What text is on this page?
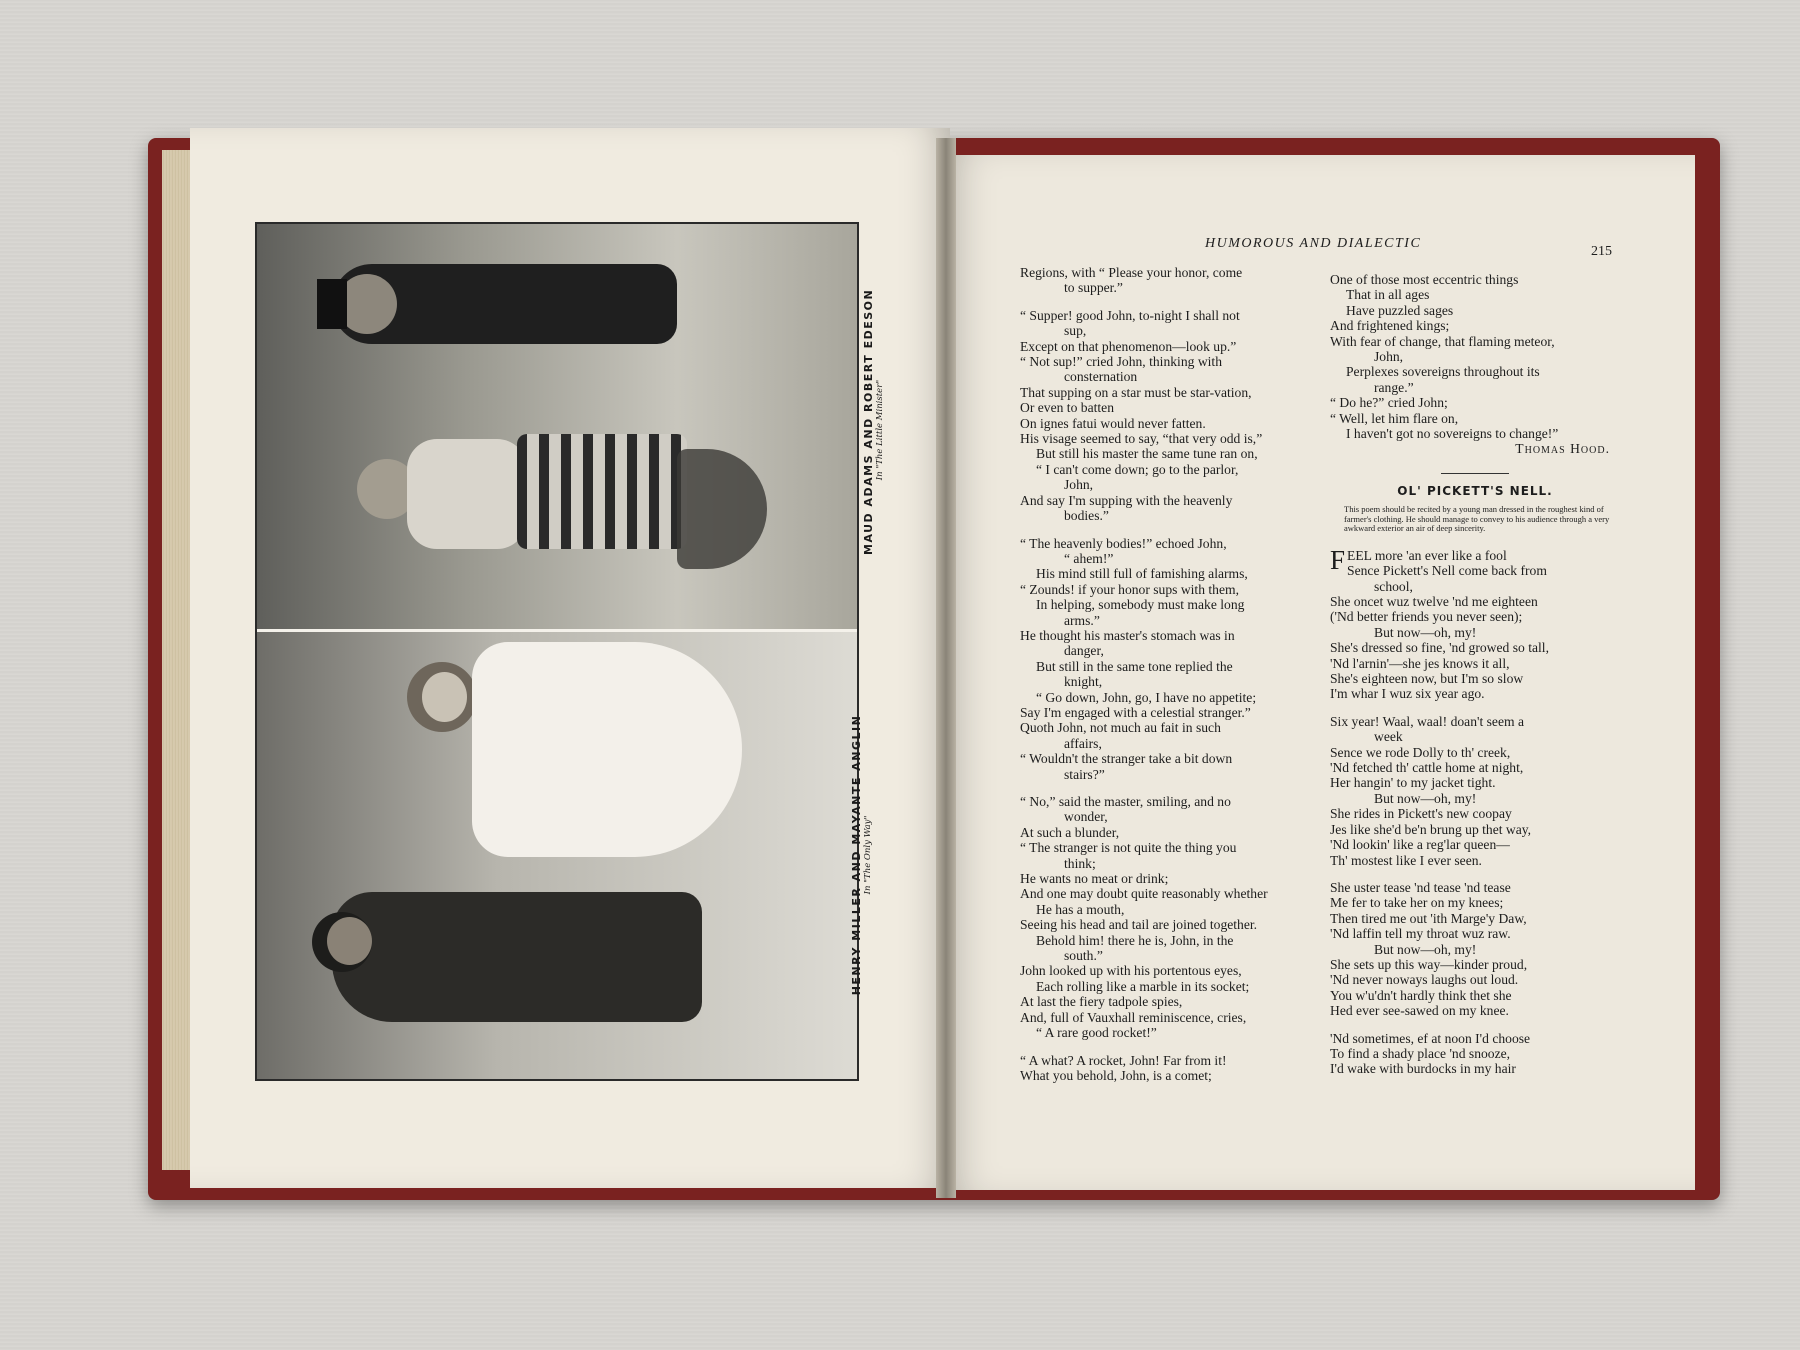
MAUD ADAMS AND ROBERT EDESON In "The Little Minister"
HENRY MILLER AND MAYANTE ANGLIN In "The Only Way"
HUMOROUS AND DIALECTIC
215
Regions, with “ Please your honor, come
to supper.”
“ Supper! good John, to-night I shall not
sup,
Except on that phenomenon—look up.”
“ Not sup!” cried John, thinking with
consternation
That supping on a star must be star-vation,
Or even to batten
On ignes fatui would never fatten.
His visage seemed to say, “that very odd is,”
But still his master the same tune ran on,
“ I can't come down; go to the parlor,
John,
And say I'm supping with the heavenly
bodies.”
“ The heavenly bodies!” echoed John,
“ ahem!”
His mind still full of famishing alarms,
“ Zounds! if your honor sups with them,
In helping, somebody must make long
arms.”
He thought his master's stomach was in
danger,
But still in the same tone replied the
knight,
“ Go down, John, go, I have no appetite;
Say I'm engaged with a celestial stranger.”
Quoth John, not much au fait in such
affairs,
“ Wouldn't the stranger take a bit down
stairs?”
“ No,” said the master, smiling, and no
wonder,
At such a blunder,
“ The stranger is not quite the thing you
think;
He wants no meat or drink;
And one may doubt quite reasonably whether
He has a mouth,
Seeing his head and tail are joined together.
Behold him! there he is, John, in the
south.”
John looked up with his portentous eyes,
Each rolling like a marble in its socket;
At last the fiery tadpole spies,
And, full of Vauxhall reminiscence, cries,
“ A rare good rocket!”
“ A what? A rocket, John! Far from it!
What you behold, John, is a comet;
One of those most eccentric things
That in all ages
Have puzzled sages
And frightened kings;
With fear of change, that flaming meteor,
John,
Perplexes sovereigns throughout its
range.”
“ Do he?” cried John;
“ Well, let him flare on,
I haven't got no sovereigns to change!”
Thomas Hood.
OL' PICKETT'S NELL.
This poem should be recited by a young man dressed in the roughest kind of farmer's clothing. He should manage to convey to his audience through a very awkward exterior an air of deep sincerity.
FEEL more 'an ever like a fool
Sence Pickett's Nell come back from
school,
She oncet wuz twelve 'nd me eighteen
('Nd better friends you never seen);
But now—oh, my!
She's dressed so fine, 'nd growed so tall,
'Nd l'arnin'—she jes knows it all,
She's eighteen now, but I'm so slow
I'm whar I wuz six year ago.
Six year! Waal, waal! doan't seem a
week
Sence we rode Dolly to th' creek,
'Nd fetched th' cattle home at night,
Her hangin' to my jacket tight.
But now—oh, my!
She rides in Pickett's new coopay
Jes like she'd be'n brung up thet way,
'Nd lookin' like a reg'lar queen—
Th' mostest like I ever seen.
She uster tease 'nd tease 'nd tease
Me fer to take her on my knees;
Then tired me out 'ith Marge'y Daw,
'Nd laffin tell my throat wuz raw.
But now—oh, my!
She sets up this way—kinder proud,
'Nd never noways laughs out loud.
You w'u'dn't hardly think thet she
Hed ever see-sawed on my knee.
'Nd sometimes, ef at noon I'd choose
To find a shady place 'nd snooze,
I'd wake with burdocks in my hair
